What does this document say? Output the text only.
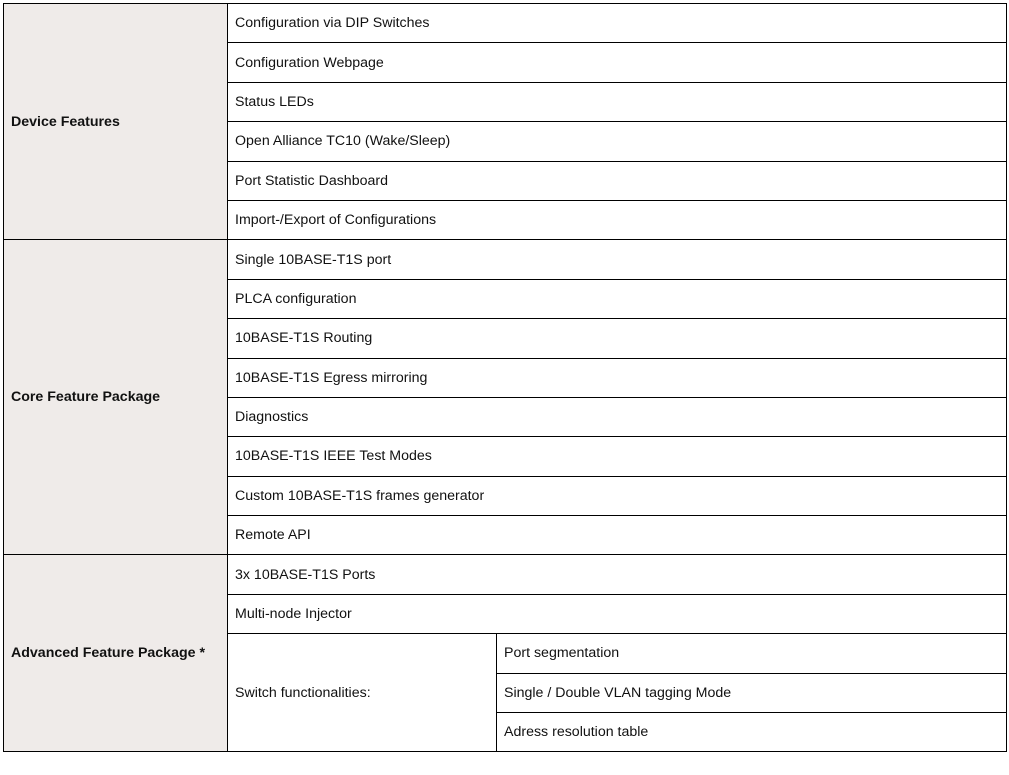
Device Features	Configuration via DIP Switches	
	Configuration Webpage	
	Status LEDs	
	Open Alliance TC10 (Wake/Sleep)	
	Port Statistic Dashboard	
	Import-/Export of Configurations	
Core Feature Package	Single 10BASE-T1S port	
	PLCA configuration	
	10BASE-T1S Routing	
	10BASE-T1S Egress mirroring	
	Diagnostics	
	10BASE-T1S IEEE Test Modes	
	Custom 10BASE-T1S frames generator	
	Remote API	
Advanced Feature Package *	3x 10BASE-T1S Ports	
	Multi-node Injector	
	Switch functionalities:	Port segmentation
		Single / Double VLAN tagging Mode
		Adress resolution table
